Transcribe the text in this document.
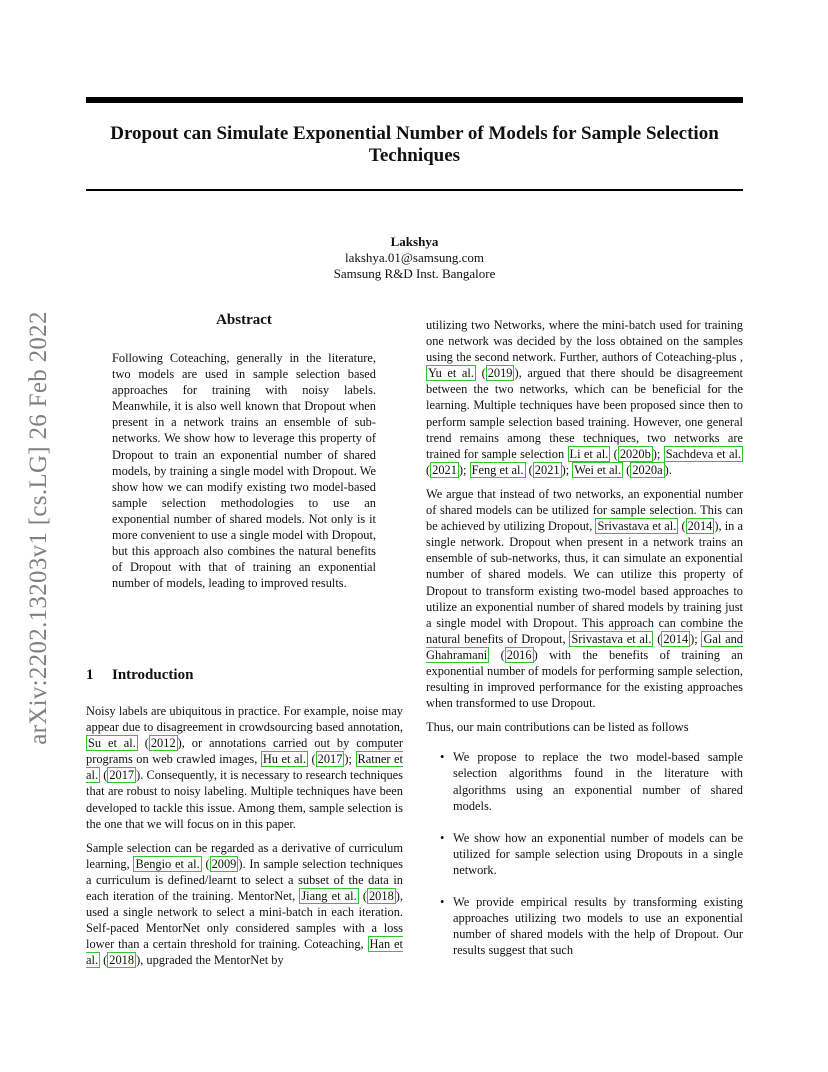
Dropout can Simulate Exponential Number of Models for Sample Selection Techniques
Lakshya
lakshya.01@samsung.com
Samsung R&D Inst. Bangalore
arXiv:2202.13203v1 [cs.LG] 26 Feb 2022	Abstract
Following Coteaching, generally in the literature, two models are used in sample selection based approaches for training with noisy labels. Meanwhile, it is also well known that Dropout when present in a network trains an ensemble of sub-networks. We show how to leverage this property of Dropout to train an exponential number of shared models, by training a single model with Dropout. We show how we can modify existing two model-based sample selection methodologies to use an exponential number of shared models. Not only is it more convenient to use a single model with Dropout, but this approach also combines the natural benefits of Dropout with that of training an exponential number of models, leading to improved results.
1 Introduction

Noisy labels are ubiquitous in practice. For example, noise may appear due to disagreement in crowdsourcing based annotation, Su et al. ( 2012 ), or annotations carried out by computer programs on web crawled images, Hu et al. ( 2017 ); Ratner et al. ( 2017 ). Consequently, it is necessary to research techniques that are robust to noisy labeling. Multiple techniques have been developed to tackle this issue. Among them, sample selection is the one that we will focus on in this paper.

Sample selection can be regarded as a derivative of curriculum learning, Bengio et al. ( 2009 ). In sample selection techniques a curriculum is defined/learnt to select a subset of the data in each iteration of the training. MentorNet, Jiang et al. ( 2018 ), used a single network to select a mini-batch in each iteration. Self-paced MentorNet only considered samples with a loss lower than a certain threshold for training. Coteaching, Han et al. ( 2018 ), upgraded the MentorNet by

utilizing two Networks, where the mini-batch used for training one network was decided by the loss obtained on the samples using the second network. Further, authors of Coteaching-plus , Yu et al. ( 2019 ), argued that there should be disagreement between the two networks, which can be beneficial for the learning. Multiple techniques have been proposed since then to perform sample selection based training. However, one general trend remains among these techniques, two networks are trained for sample selection Li et al. ( 2020b ); Sachdeva et al. ( 2021 ); Feng et al. ( 2021 ); Wei et al. ( 2020a ).

We argue that instead of two networks, an exponential number of shared models can be utilized for sample selection. This can be achieved by utilizing Dropout, Srivastava et al. ( 2014 ), in a single network. Dropout when present in a network trains an ensemble of sub-networks, thus, it can simulate an exponential number of shared models. We can utilize this property of Dropout to transform existing two-model based approaches to utilize an exponential number of shared models by training just a single model with Dropout. This approach can combine the natural benefits of Dropout, Srivastava et al. ( 2014 ); Gal and Ghahramani ( 2016 ) with the benefits of training an exponential number of models for performing sample selection, resulting in improved performance for the existing approaches when transformed to use Dropout.

Thus, our main contributions can be listed as follows

• We propose to replace the two model-based sample selection algorithms found in the literature with algorithms using an exponential number of shared models.
• We show how an exponential number of models can be utilized for sample selection using Dropouts in a single network.
• We provide empirical results by transforming existing approaches utilizing two models to use an exponential number of shared models with the help of Dropout. Our results suggest that such
